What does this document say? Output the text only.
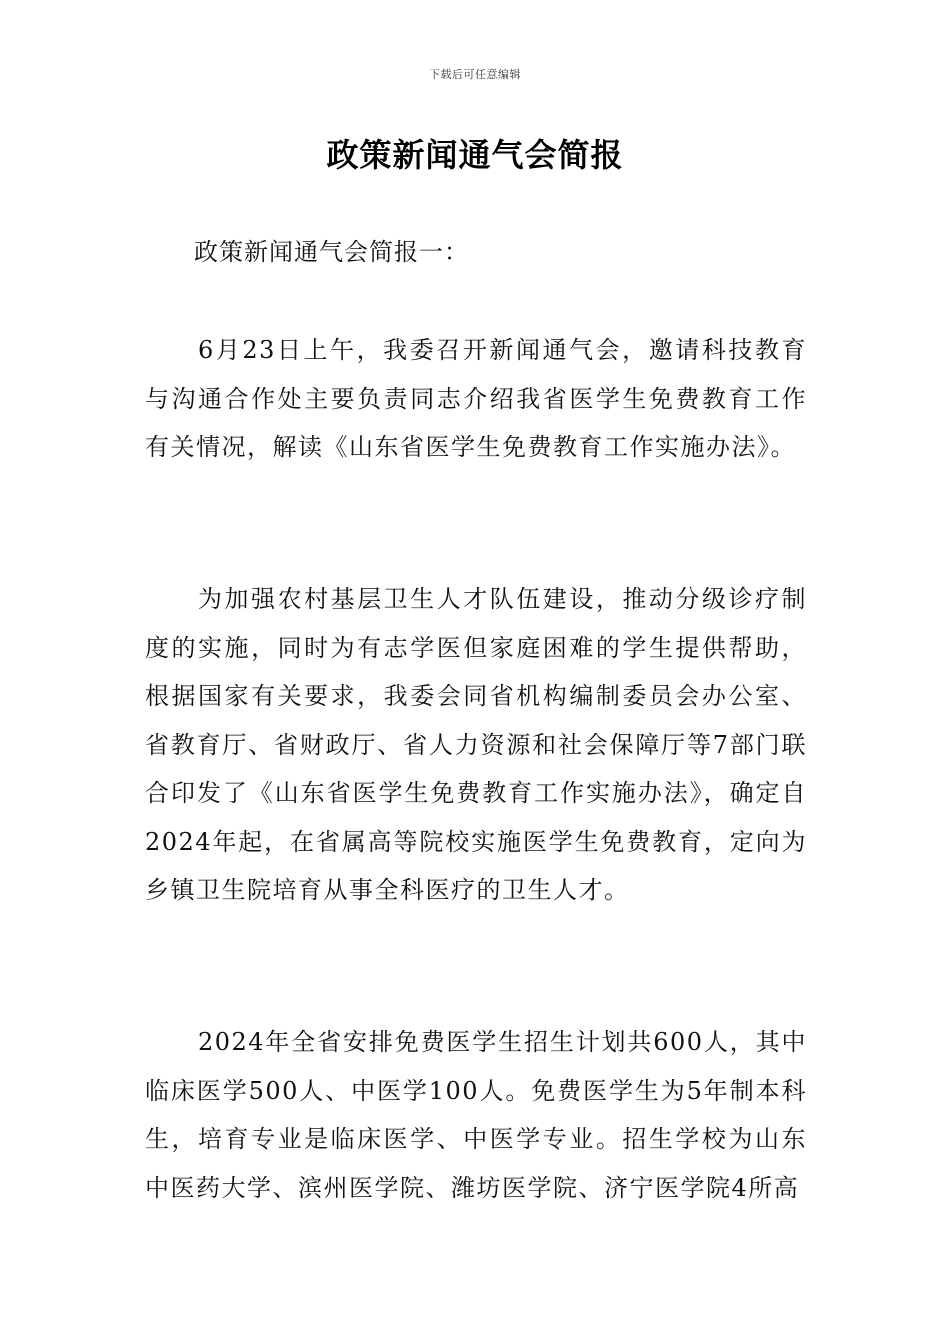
下载后可任意编辑
政策新闻通气会简报
政策新闻通气会简报一：
6月23日上午，我委召开新闻通气会，邀请科技教育与沟通合作处主要负责同志介绍我省医学生免费教育工作有关情况，解读《山东省医学生免费教育工作实施办法》。
为加强农村基层卫生人才队伍建设，推动分级诊疗制度的实施，同时为有志学医但家庭困难的学生提供帮助，根据国家有关要求，我委会同省机构编制委员会办公室、省教育厅、省财政厅、省人力资源和社会保障厅等7部门联合印发了《山东省医学生免费教育工作实施办法》，确定自2024年起，在省属高等院校实施医学生免费教育，定向为乡镇卫生院培育从事全科医疗的卫生人才。
2024年全省安排免费医学生招生计划共600人，其中临床医学500人、中医学100人。免费医学生为5年制本科生，培育专业是临床医学、中医学专业。招生学校为山东中医药大学、滨州医学院、潍坊医学院、济宁医学院4所高
